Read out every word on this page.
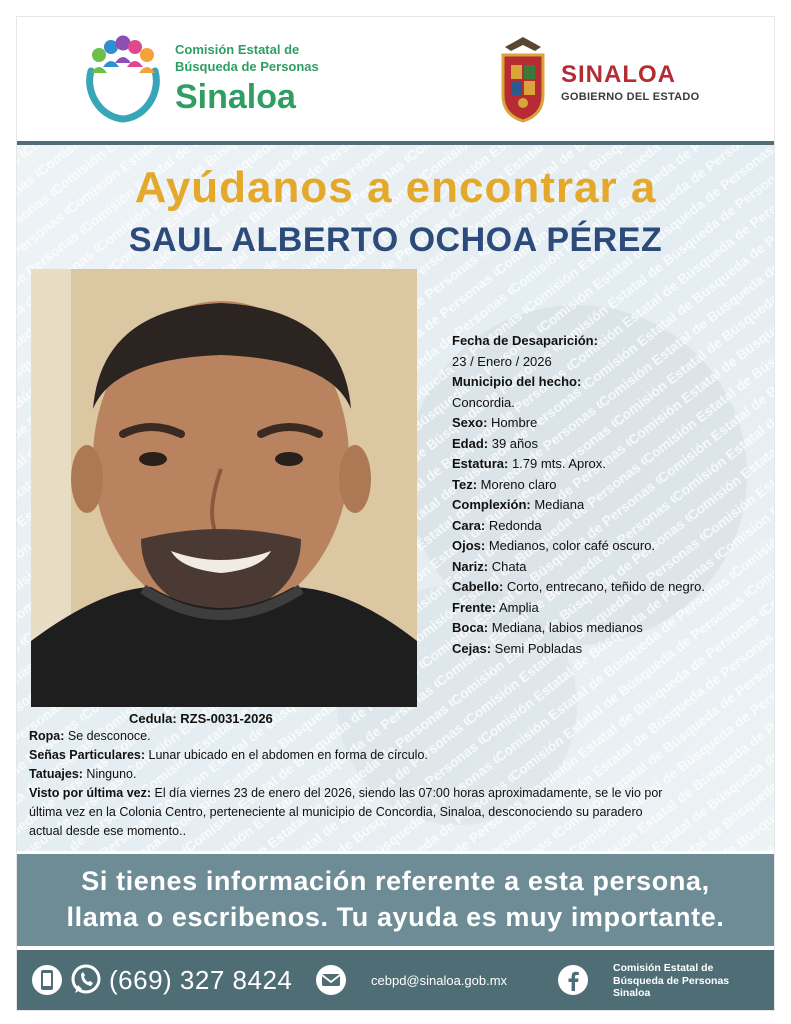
Comisión Estatal de
Búsqueda de Personas
Sinaloa
SINALOA
GOBIERNO DEL ESTADO
Ayúdanos a encontrar a
SAUL ALBERTO OCHOA PÉREZ
Cedula: RZS-0031-2026
Fecha de Desaparición:
23 / Enero / 2026
Municipio del hecho:
Concordia.
Sexo: Hombre
Edad: 39 años
Estatura: 1.79 mts. Aprox.
Tez: Moreno claro
Complexión: Mediana
Cara: Redonda
Ojos: Medianos, color café oscuro.
Nariz: Chata
Cabello: Corto, entrecano, teñido de negro.
Frente: Amplia
Boca: Mediana, labios medianos
Cejas: Semi Pobladas
Ropa: Se desconoce.
Señas Particulares: Lunar ubicado en el abdomen en forma de círculo.
Tatuajes: Ninguno.
Visto por última vez: El día viernes 23 de enero del 2026, siendo las 07:00 horas aproximadamente, se le vio por
última vez en la Colonia Centro, perteneciente al municipio de Concordia, Sinaloa, desconociendo su paradero
actual desde ese momento..
Si tienes información referente a esta persona,
llama o escribenos. Tu ayuda es muy importante.
(669) 327 8424	cebpd@sinaloa.gob.mx
Comisión Estatal de
Búsqueda de Personas
Sinaloa
